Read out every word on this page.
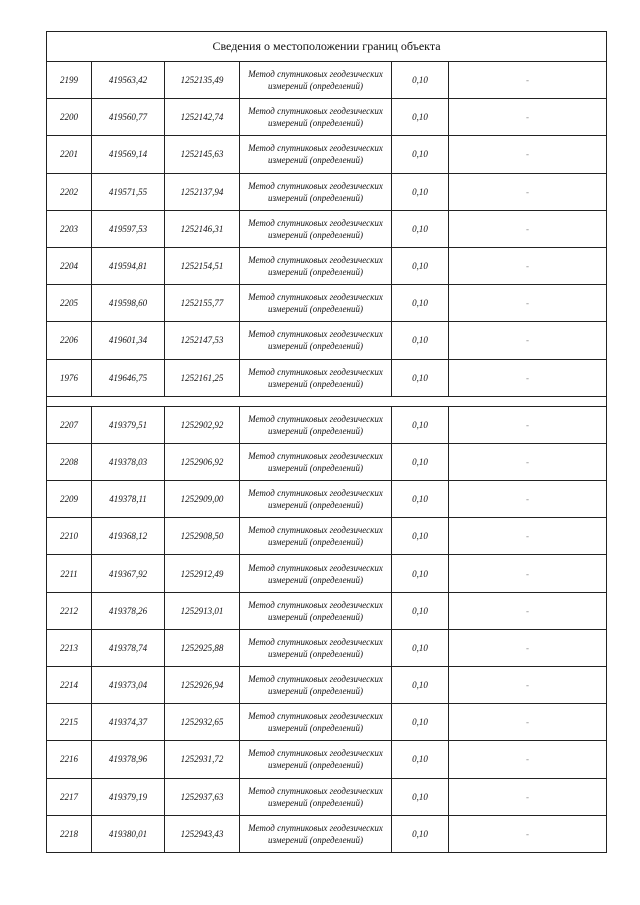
Сведения о местоположении границ объекта					
2199	419563,42	1252135,49	Метод спутниковых геодезических измерений (определений)	0,10	-
2200	419560,77	1252142,74	Метод спутниковых геодезических измерений (определений)	0,10	-
2201	419569,14	1252145,63	Метод спутниковых геодезических измерений (определений)	0,10	-
2202	419571,55	1252137,94	Метод спутниковых геодезических измерений (определений)	0,10	-
2203	419597,53	1252146,31	Метод спутниковых геодезических измерений (определений)	0,10	-
2204	419594,81	1252154,51	Метод спутниковых геодезических измерений (определений)	0,10	-
2205	419598,60	1252155,77	Метод спутниковых геодезических измерений (определений)	0,10	-
2206	419601,34	1252147,53	Метод спутниковых геодезических измерений (определений)	0,10	-
1976	419646,75	1252161,25	Метод спутниковых геодезических измерений (определений)	0,10	-

2207	419379,51	1252902,92	Метод спутниковых геодезических измерений (определений)	0,10	-
2208	419378,03	1252906,92	Метод спутниковых геодезических измерений (определений)	0,10	-
2209	419378,11	1252909,00	Метод спутниковых геодезических измерений (определений)	0,10	-
2210	419368,12	1252908,50	Метод спутниковых геодезических измерений (определений)	0,10	-
2211	419367,92	1252912,49	Метод спутниковых геодезических измерений (определений)	0,10	-
2212	419378,26	1252913,01	Метод спутниковых геодезических измерений (определений)	0,10	-
2213	419378,74	1252925,88	Метод спутниковых геодезических измерений (определений)	0,10	-
2214	419373,04	1252926,94	Метод спутниковых геодезических измерений (определений)	0,10	-
2215	419374,37	1252932,65	Метод спутниковых геодезических измерений (определений)	0,10	-
2216	419378,96	1252931,72	Метод спутниковых геодезических измерений (определений)	0,10	-
2217	419379,19	1252937,63	Метод спутниковых геодезических измерений (определений)	0,10	-
2218	419380,01	1252943,43	Метод спутниковых геодезических измерений (определений)	0,10	-
